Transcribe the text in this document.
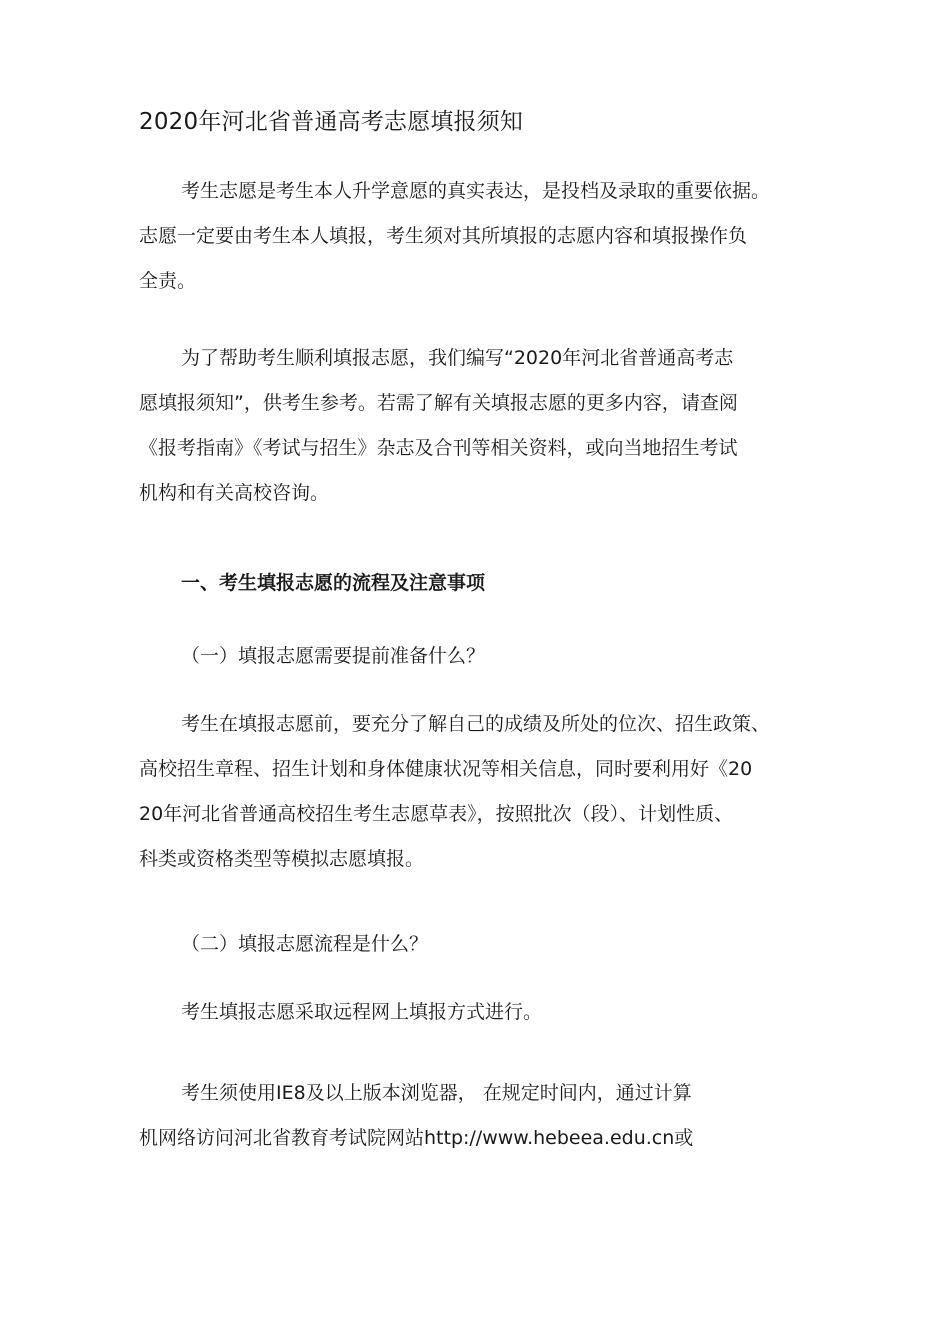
2020年河北省普通高考志愿填报须知
考生志愿是考生本人升学意愿的真实表达，是投档及录取的重要依据。
志愿一定要由考生本人填报，考生须对其所填报的志愿内容和填报操作负
全责。
为了帮助考生顺利填报志愿，我们编写“2020年河北省普通高考志
愿填报须知”，供考生参考。若需了解有关填报志愿的更多内容，请查阅
《报考指南》《考试与招生》杂志及合刊等相关资料，或向当地招生考试
机构和有关高校咨询。
一、考生填报志愿的流程及注意事项
（一）填报志愿需要提前准备什么？
考生在填报志愿前，要充分了解自己的成绩及所处的位次、招生政策、
高校招生章程、招生计划和身体健康状况等相关信息，同时要利用好《20
20年河北省普通高校招生考生志愿草表》，按照批次（段）、计划性质、
科类或资格类型等模拟志愿填报。
（二）填报志愿流程是什么？
考生填报志愿采取远程网上填报方式进行。
考生须使用IE8及以上版本浏览器， 在规定时间内，通过计算
机网络访问河北省教育考试院网站http://www.hebeea.edu.cn或
